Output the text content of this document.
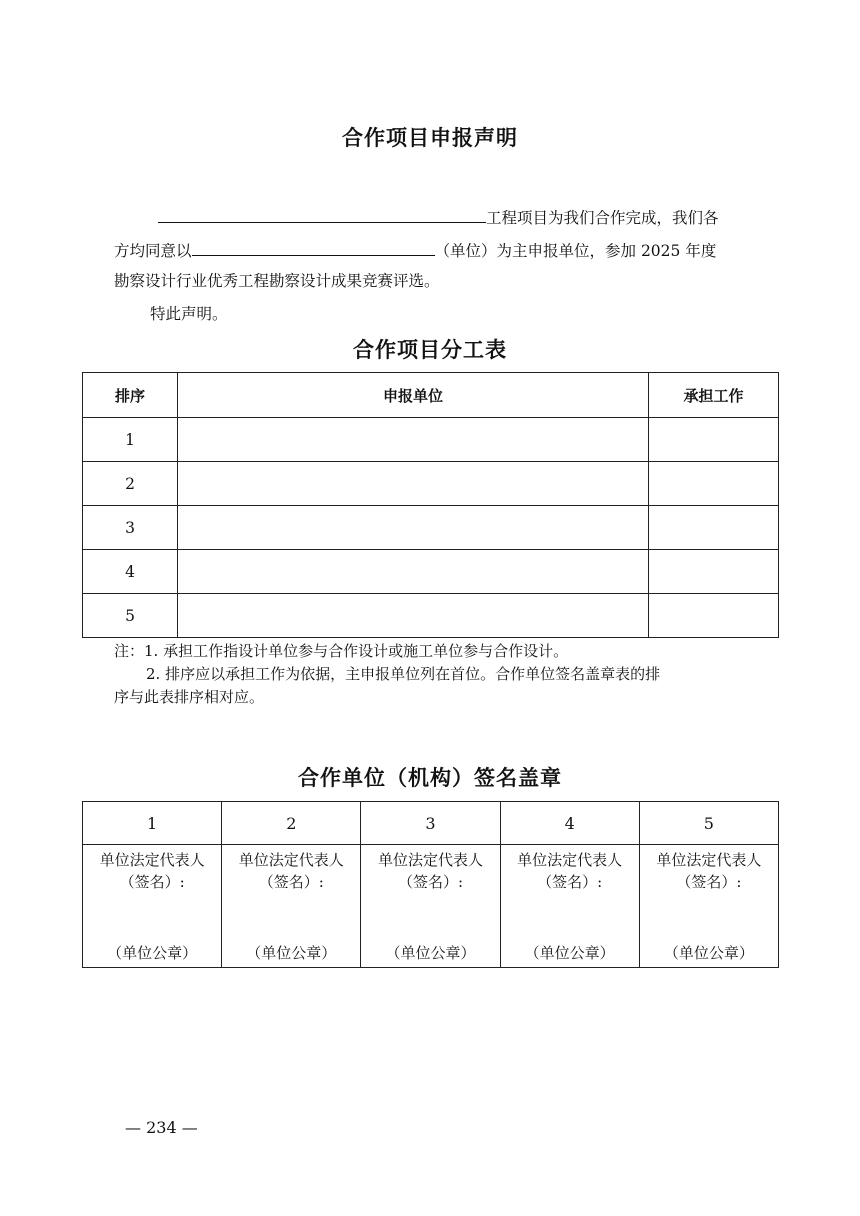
合作项目申报声明
工程项目为我们合作完成，我们各
方均同意以	（单位）为主申报单位，参加 2025 年度
勘察设计行业优秀工程勘察设计成果竞赛评选。
特此声明。
合作项目分工表
排序	申报单位	承担工作
1		
2		
3		
4		
5		
注：1. 承担工作指设计单位参与合作设计或施工单位参与合作设计。
2. 排序应以承担工作为依据，主申报单位列在首位。合作单位签名盖章表的排
序与此表排序相对应。
合作单位（机构）签名盖章
1	2	3	4	5

单位法定代表人
（签名）:
（单位公章）	单位法定代表人
（签名）:
（单位公章）	单位法定代表人
（签名）:
（单位公章）	单位法定代表人
（签名）:
（单位公章）	单位法定代表人
（签名）:
（单位公章）
— 234 —
